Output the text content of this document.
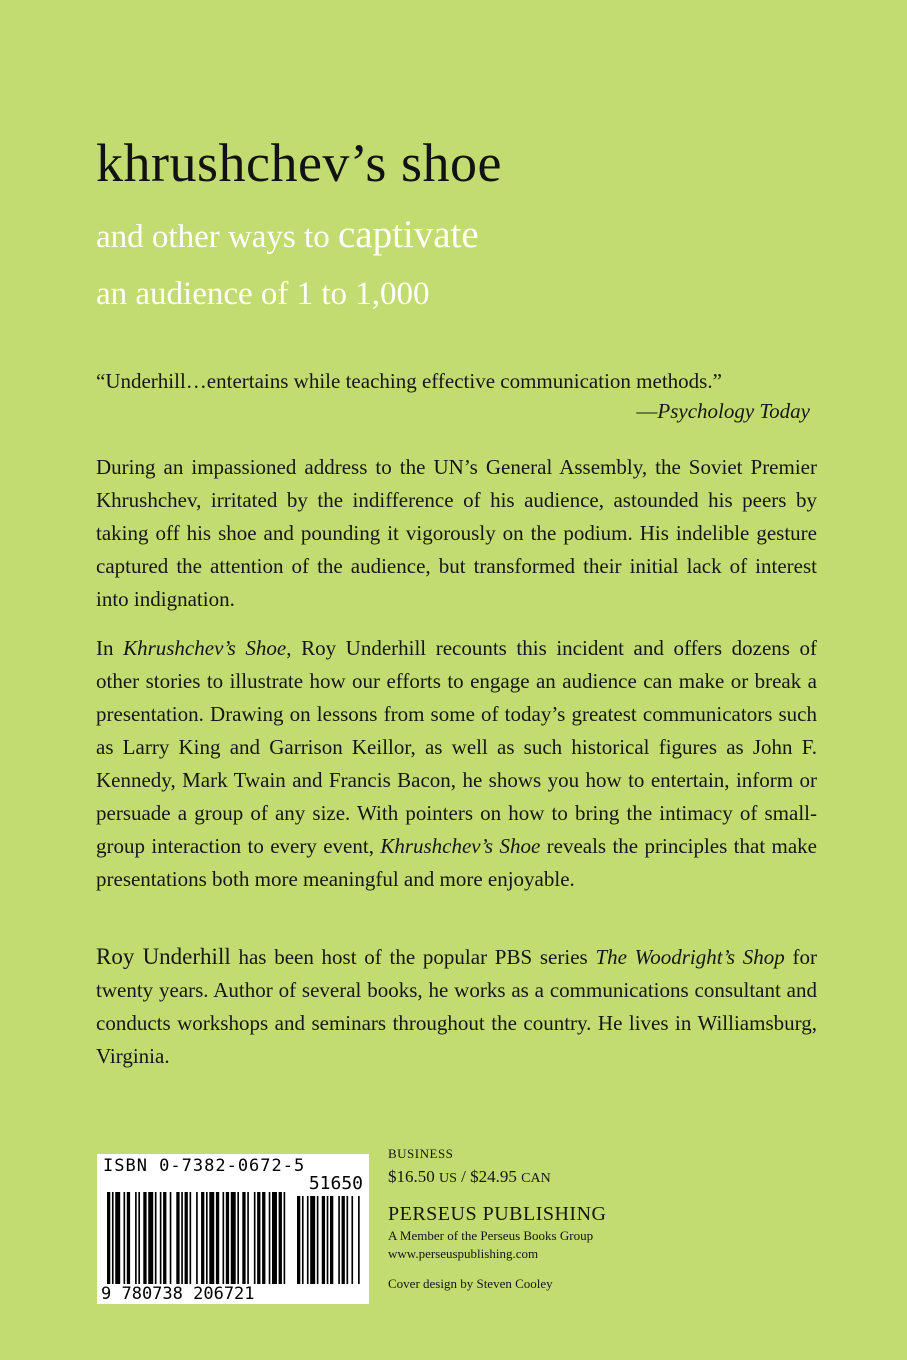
khrushchev’s shoe
and other ways to captivate
an audience of 1 to 1,000
“Underhill…entertains while teaching effective communication methods.”
—Psychology Today
During an impassioned address to the UN’s General Assembly, the Soviet Premier Khrushchev, irritated by the indifference of his audience, astounded his peers by taking off his shoe and pounding it vigorously on the podium. His indelible gesture captured the attention of the audience, but transformed their initial lack of interest into indignation.
In Khrushchev’s Shoe, Roy Underhill recounts this incident and offers dozens of other stories to illustrate how our efforts to engage an audience can make or break a presentation. Drawing on lessons from some of today’s greatest communicators such as Larry King and Garrison Keillor, as well as such historical figures as John F. Kennedy, Mark Twain and Francis Bacon, he shows you how to entertain, inform or persuade a group of any size. With pointers on how to bring the intimacy of small-group interaction to every event, Khrushchev’s Shoe reveals the principles that make presentations both more meaningful and more enjoyable.
Roy Underhill has been host of the popular PBS series The Woodright’s Shop for twenty years. Author of several books, he works as a communications consultant and conducts workshops and seminars throughout the country. He lives in Williamsburg, Virginia.
ISBN 0-7382-0672-5
51650
9 780738 206721
BUSINESS
$16.50 US / $24.95 CAN
PERSEUS PUBLISHING
A Member of the Perseus Books Group
www.perseuspublishing.com
Cover design by Steven Cooley
